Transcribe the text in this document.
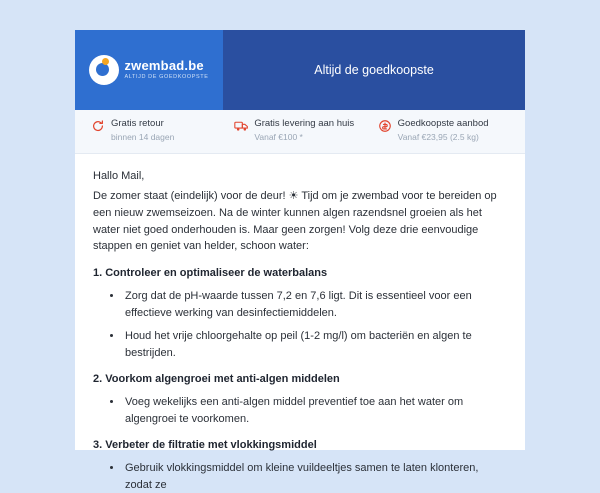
zwembad.be
ALTIJD DE GOEDKOOPSTE	Altijd de goedkoopste
Gratis retour
binnen 14 dagen
Gratis levering aan huis
Vanaf €100 *
Goedkoopste aanbod
Vanaf €23,95 (2.5 kg)

Hallo Mail,

De zomer staat (eindelijk) voor de deur! ☀ Tijd om je zwembad voor te bereiden op een nieuw zwemseizoen. Na de winter kunnen algen razendsnel groeien als het water niet goed onderhouden is. Maar geen zorgen! Volg deze drie eenvoudige stappen en geniet van helder, schoon water:

1. Controleer en optimaliseer de waterbalans
• Zorg dat de pH-waarde tussen 7,2 en 7,6 ligt. Dit is essentieel voor een effectieve werking van desinfectiemiddelen.
• Houd het vrije chloorgehalte op peil (1-2 mg/l) om bacteriën en algen te bestrijden.
2. Voorkom algengroei met anti-algen middelen
• Voeg wekelijks een anti-algen middel preventief toe aan het water om algengroei te voorkomen.
3. Verbeter de filtratie met vlokkingsmiddel
• Gebruik vlokkingsmiddel om kleine vuildeeltjes samen te laten klonteren, zodat ze
